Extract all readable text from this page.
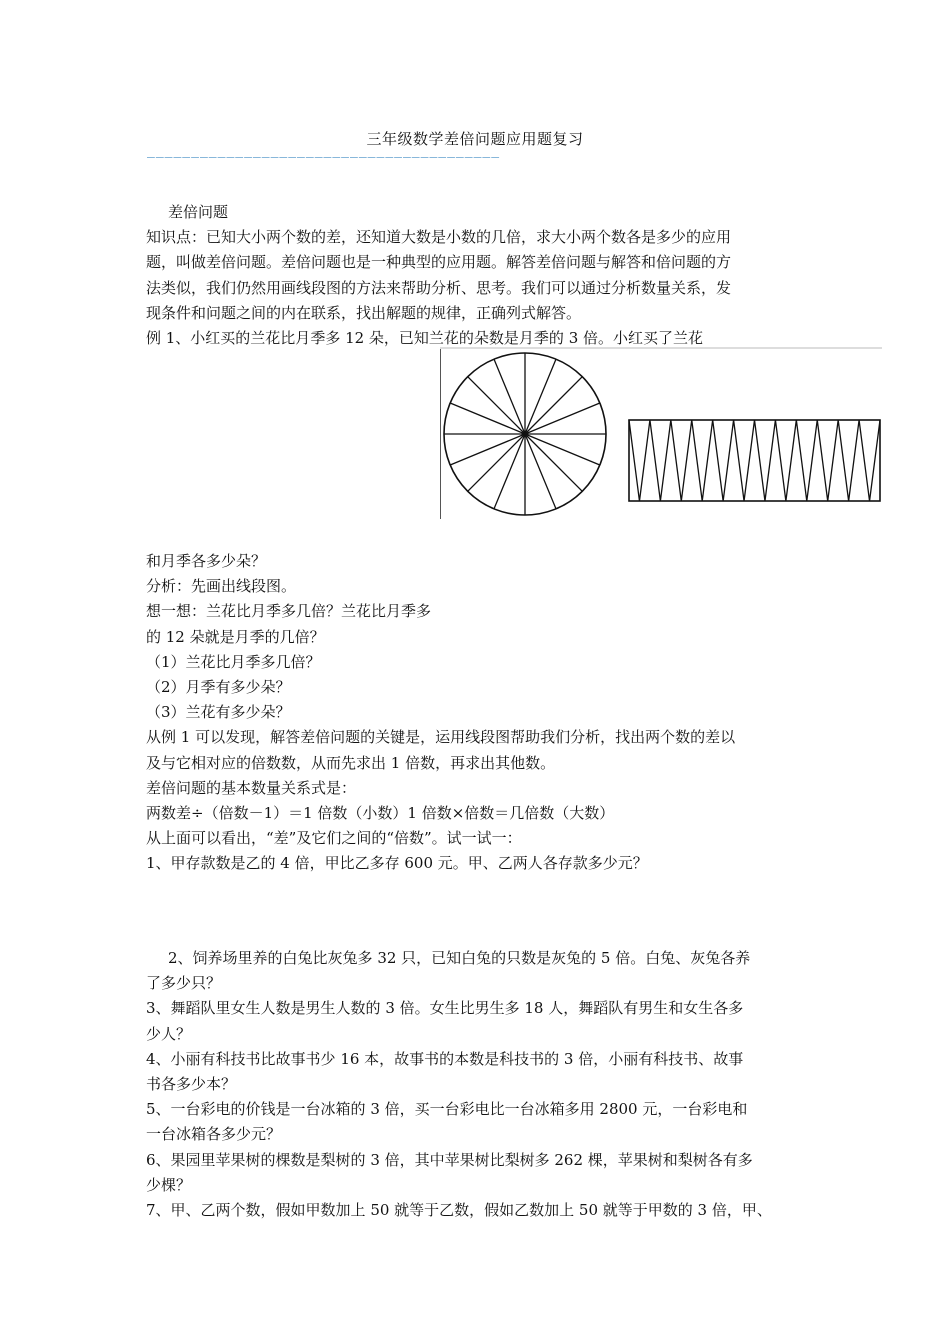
三年级数学差倍问题应用题复习
————————————————————————————————————————
差倍问题
知识点：已知大小两个数的差，还知道大数是小数的几倍，求大小两个数各是多少的应用
题，叫做差倍问题。差倍问题也是一种典型的应用题。解答差倍问题与解答和倍问题的方
法类似，我们仍然用画线段图的方法来帮助分析、思考。我们可以通过分析数量关系，发
现条件和问题之间的内在联系，找出解题的规律，正确列式解答。
例 1、小红买的兰花比月季多 12 朵，已知兰花的朵数是月季的 3 倍。小红买了兰花
和月季各多少朵？
分析：先画出线段图。
想一想：兰花比月季多几倍？兰花比月季多
的 12 朵就是月季的几倍？
（1）兰花比月季多几倍？
（2）月季有多少朵？
（3）兰花有多少朵？
从例 1 可以发现，解答差倍问题的关键是，运用线段图帮助我们分析，找出两个数的差以
及与它相对应的倍数数，从而先求出 1 倍数，再求出其他数。
差倍问题的基本数量关系式是：
两数差÷（倍数－1）＝1 倍数（小数）1 倍数×倍数＝几倍数（大数）
从上面可以看出，“差”及它们之间的“倍数”。试一试一：
1、甲存款数是乙的 4 倍，甲比乙多存 600 元。甲、乙两人各存款多少元？
2、饲养场里养的白兔比灰兔多 32 只，已知白兔的只数是灰兔的 5 倍。白兔、灰兔各养
了多少只？
3、舞蹈队里女生人数是男生人数的 3 倍。女生比男生多 18 人，舞蹈队有男生和女生各多
少人？
4、小丽有科技书比故事书少 16 本，故事书的本数是科技书的 3 倍，小丽有科技书、故事
书各多少本？
5、一台彩电的价钱是一台冰箱的 3 倍，买一台彩电比一台冰箱多用 2800 元，一台彩电和
一台冰箱各多少元？
6、果园里苹果树的棵数是梨树的 3 倍，其中苹果树比梨树多 262 棵，苹果树和梨树各有多
少棵？
7、甲、乙两个数，假如甲数加上 50 就等于乙数，假如乙数加上 50 就等于甲数的 3 倍，甲、
